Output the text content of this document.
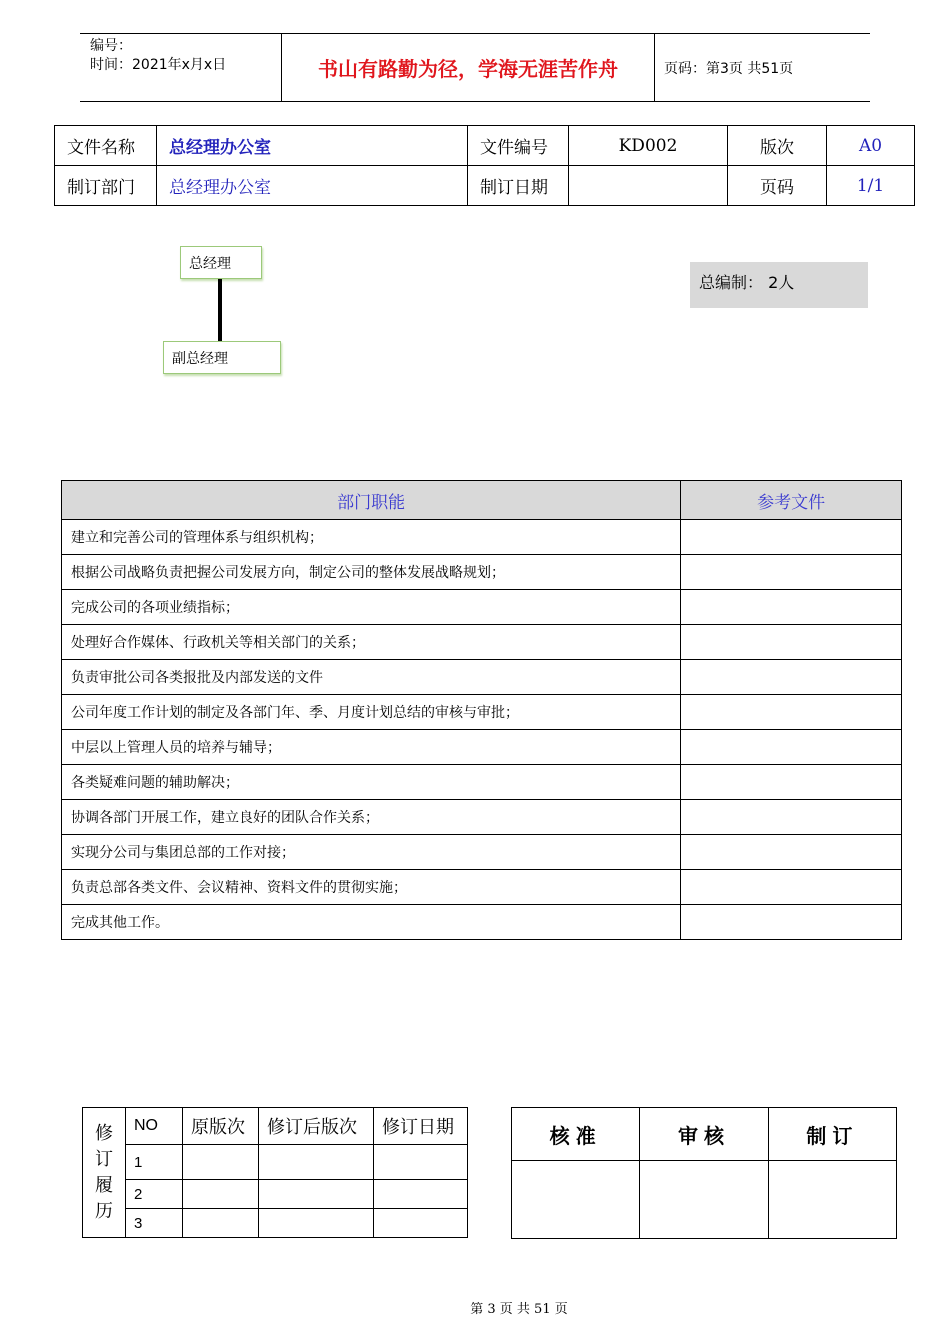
编号：
时间：2021年x月x日	书山有路勤为径，学海无涯苦作舟	页码：第3页 共51页
文件名称	总经理办公室	文件编号	KD002	版次	A0
制订部门	总经理办公室	制订日期		页码	1/1
总经理
副总经理
总编制： 2人
部门职能	参考文件
建立和完善公司的管理体系与组织机构；	
根据公司战略负责把握公司发展方向，制定公司的整体发展战略规划；	
完成公司的各项业绩指标；	
处理好合作媒体、行政机关等相关部门的关系；	
负责审批公司各类报批及内部发送的文件	
公司年度工作计划的制定及各部门年、季、月度计划总结的审核与审批；	
中层以上管理人员的培养与辅导；	
各类疑难问题的辅助解决；	
协调各部门开展工作，建立良好的团队合作关系；	
实现分公司与集团总部的工作对接；	
负责总部各类文件、会议精神、资料文件的贯彻实施；	
完成其他工作。	
修订履历	NO	原版次	修订后版次	修订日期
	1			
	2			
	3			
核准	审核	制订

第 3 页 共 51 页
